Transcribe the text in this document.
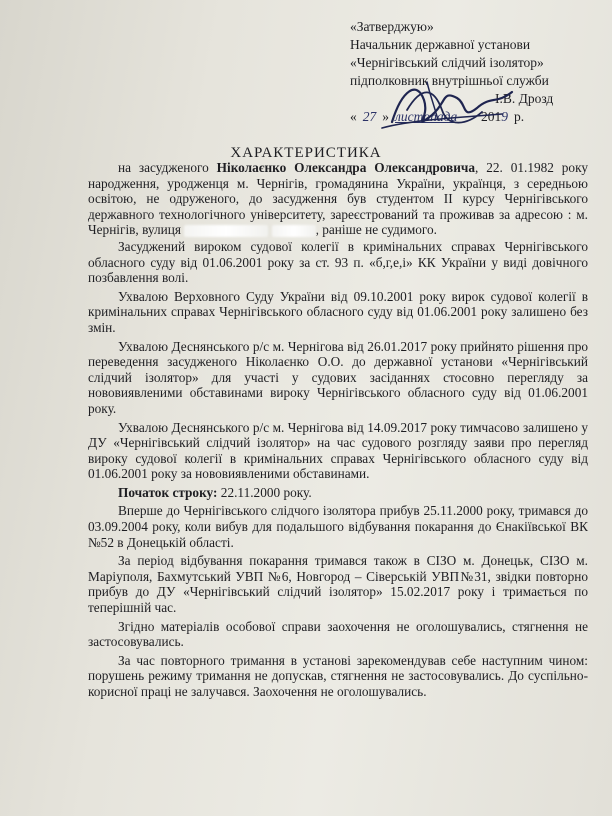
«Затверджую»
Начальник державної установи
«Чернігівський слідчий ізолятор»
підполковник внутрішньої служби
І.В. Дрозд
« 27 » листопада	2019 р.
ХАРАКТЕРИСТИКА

на засудженого Ніколаєнко Олександра Олександровича, 22. 01.1982 року народження, уродженця м. Чернігів, громадянина України, українця, з середньою освітою, не одруженого, до засудження був студентом ІІ курсу Чернігівського державного технологічного університету, зареєстрований та проживав за адресою : м. Чернігів, вулиця	, раніше не судимого.

Засуджений вироком судової колегії в кримінальних справах Чернігівського обласного суду від 01.06.2001 року за ст. 93 п. «б,г,е,і» КК України у виді довічного позбавлення волі.

Ухвалою Верховного Суду України від 09.10.2001 року вирок судової колегії в кримінальних справах Чернігівського обласного суду від 01.06.2001 року залишено без змін.

Ухвалою Деснянського р/с м. Чернігова від 26.01.2017 року прийнято рішення про переведення засудженого Ніколаєнко О.О. до державної установи «Чернігівський слідчий ізолятор» для участі у судових засіданнях стосовно перегляду за нововиявленими обставинами вироку Чернігівського обласного суду від 01.06.2001 року.

Ухвалою Деснянського р/с м. Чернігова від 14.09.2017 року тимчасово залишено у ДУ «Чернігівський слідчий ізолятор» на час судового розгляду заяви про перегляд вироку судової колегії в кримінальних справах Чернігівського обласного суду від 01.06.2001 року за нововиявленими обставинами.

Початок строку: 22.11.2000 року.

Вперше до Чернігівського слідчого ізолятора прибув 25.11.2000 року, тримався до 03.09.2004 року, коли вибув для подальшого відбування покарання до Єнакіївської ВК №52 в Донецькій області.

За період відбування покарання тримався також в СІЗО м. Донецьк, СІЗО м. Маріуполя, Бахмутський УВП №6, Новгород – Сіверській УВП№31, звідки повторно прибув до ДУ «Чернігівський слідчий ізолятор» 15.02.2017 року і тримається по теперішній час.

Згідно матеріалів особової справи заохочення не оголошувались, стягнення не застосовувались.

За час повторного тримання в установі зарекомендував себе наступним чином: порушень режиму тримання не допускав, стягнення не застосовувались. До суспільно-корисної праці не залучався. Заохочення не оголошувались.
